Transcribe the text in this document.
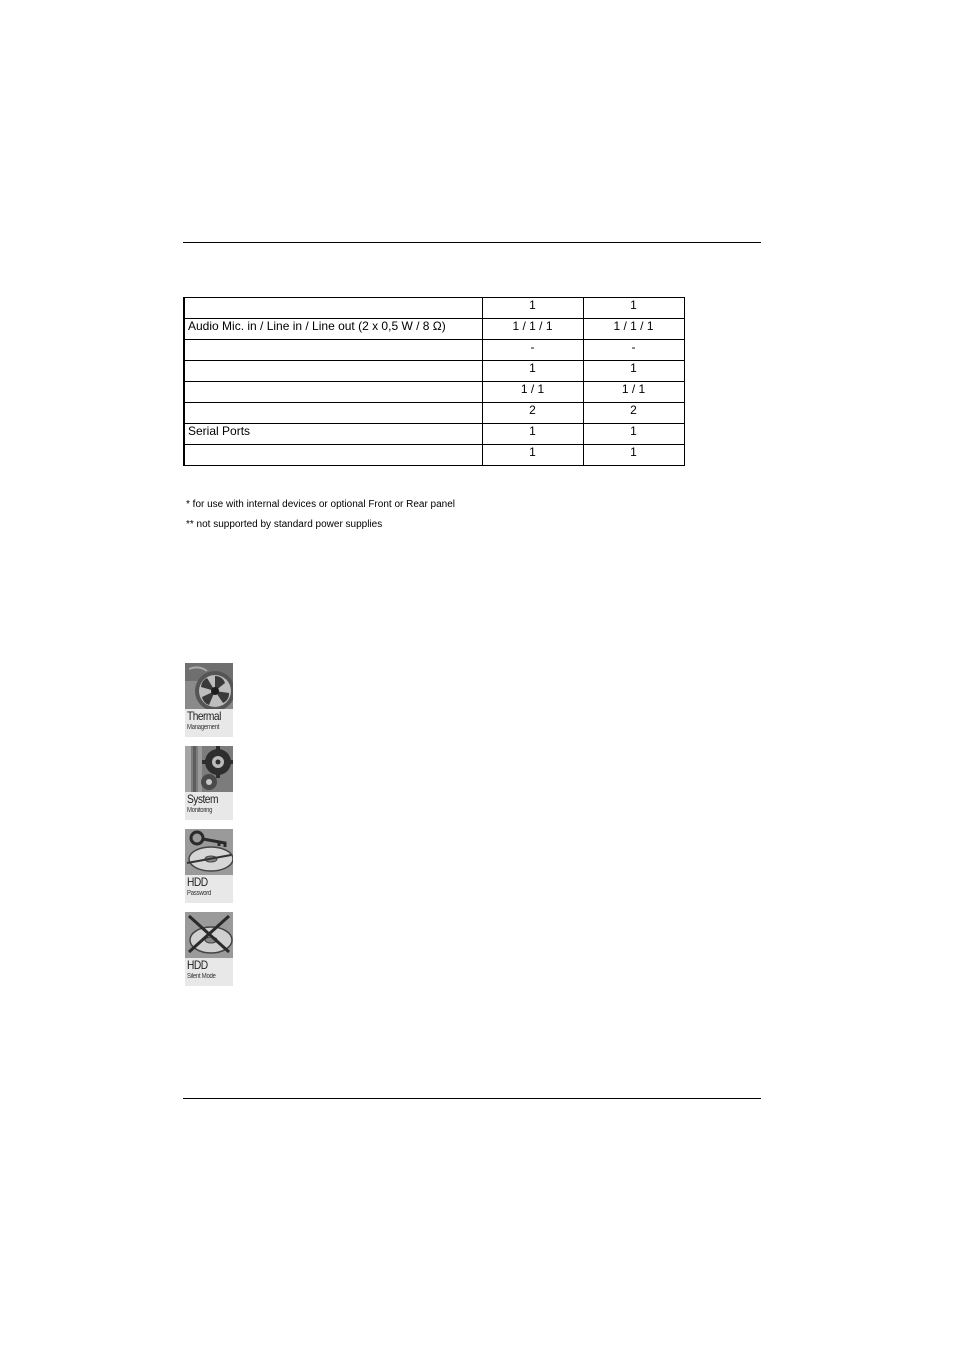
	1	1
Audio Mic. in / Line in / Line out (2 x 0,5 W / 8 Ω)	1 / 1 / 1	1 / 1 / 1
	-	-
	1	1
	1 / 1	1 / 1
	2	2
Serial Ports	1	1
	1	1
* for use with internal devices or optional Front or Rear panel
** not supported by standard power supplies
Thermal
Management
System
Monitoring
HDD
Password
HDD
Silent Mode
